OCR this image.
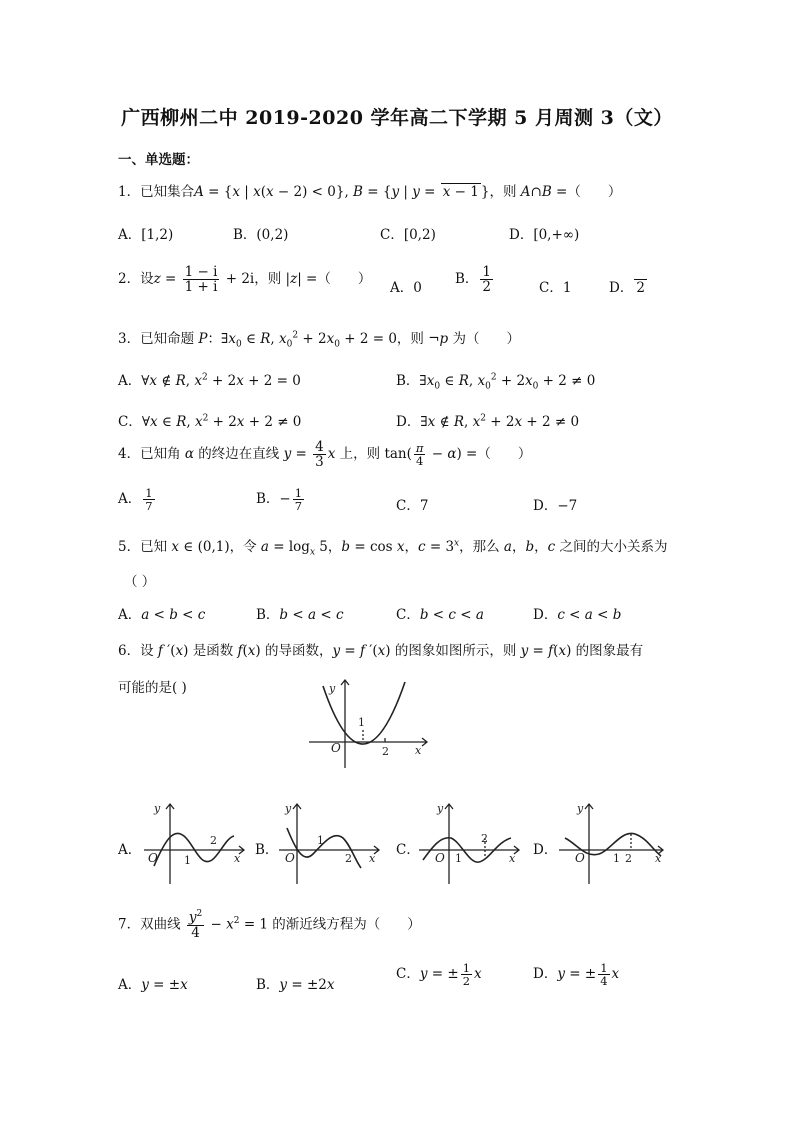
广西柳州二中 2019-2020 学年高二下学期 5 月周测 3（文）
一、单选题：
1．已知集合A = {x | x(x − 2) < 0}, B = {y | y = x − 1 }，则 A∩B =（　　）
A．[1,2)	B．(0,2)	C．[0,2)	D．[0,+∞)
2．设$z = \frac{1 - i}{1 + i} + 2i$，则 |z| =（　　）
A．0
B． $\frac{1}{2}$	C．1	D． 2
3．已知命题 P：$\exists x_0$ ∈ R, $x_0^2 + 2x_0 + 2 = 0$，则 ¬p 为（　　）
A．∀x ∉ R, $x^2 + 2x + 2 = 0$	B．$\exists x_0$ ∈ R, $x_0^2 + 2x_0 + 2 \ne 0$
C．∀x ∈ R, $x^2 + 2x + 2 \ne 0$	D．∃x ∉ R, $x^2 + 2x + 2 \ne 0$
4．已知角 α 的终边在直线 $y = \frac{4}{3}$ x 上，则 $\tan( \frac{\pi}{4} - \alpha)$ =（　　）
A． $\frac{1}{7}$	B．− $\frac{1}{7}$	C．7	D．−7
5．已知 x ∈ (0,1)，令 $a = \log_x 5$，b = cos x，$c = 3^x$，那么 a，b，c 之间的大小关系为
（ ）
A．a < b < c	B．b < a < c	C．b < c < a	D．c < a < b
6．设 f ′(x) 是函数 f(x) 的导函数，y = f ′(x) 的图象如图所示，则 y = f(x) 的图象最有
可能的是( )	y
O
1
2 x
A．
y
O 1
2
x
B．
y
O
1
2 x
C．
y
O 1
2
x
D．
y
O	1 2 x
7．双曲线 $\frac{y^2}{4} - x^2 = 1$ 的渐近线方程为（　　）
A．y = ±x	B．y = ±2x
C．y = ± $\frac{1}{2}$ x	D．y = ± $\frac{1}{4}$ x
